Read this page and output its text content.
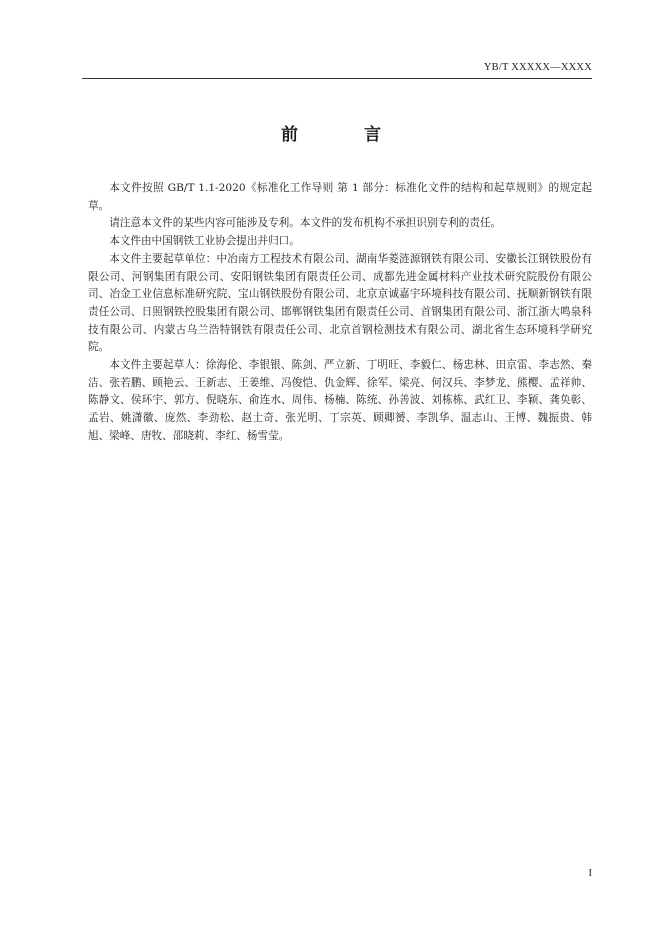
YB/T XXXXX—XXXX
前 言

本文件按照 GB/T 1.1-2020《标准化工作导则 第 1 部分：标准化文件的结构和起草规则》的规定起草。

请注意本文件的某些内容可能涉及专利。本文件的发布机构不承担识别专利的责任。

本文件由中国钢铁工业协会提出并归口。

本文件主要起草单位：中冶南方工程技术有限公司、湖南华菱涟源钢铁有限公司、安徽长江钢铁股份有限公司、河钢集团有限公司、安阳钢铁集团有限责任公司、成都先进金属材料产业技术研究院股份有限公司、冶金工业信息标准研究院、宝山钢铁股份有限公司、北京京诚嘉宇环境科技有限公司、抚顺新钢铁有限责任公司、日照钢铁控股集团有限公司、邯郸钢铁集团有限责任公司、首钢集团有限公司、浙江浙大鸣泉科技有限公司、内蒙古乌兰浩特钢铁有限责任公司、北京首钢检测技术有限公司、湖北省生态环境科学研究院。

本文件主要起草人：徐海伦、李银银、陈剑、严立新、丁明旺、李毅仁、杨忠林、田京雷、李志然、秦洁、张若鹏、顾艳云、王新志、王姜维、冯俊恺、仇金辉、徐军、梁亮、何汉兵、李梦龙、熊樱、孟祥帅、陈静文、侯环宇、郭方、倪晓东、俞连水、周伟、杨楠、陈统、孙善波、刘栋栋、武红卫、李颖、龚奂彰、孟岩、姚潇徽、庞然、李劲松、赵士奇、张光明、丁宗英、顾卿赟、李凯华、温志山、王博、魏振贵、韩旭、梁峰、唐牧、邵晓莉、李红、杨雪莹。

I
